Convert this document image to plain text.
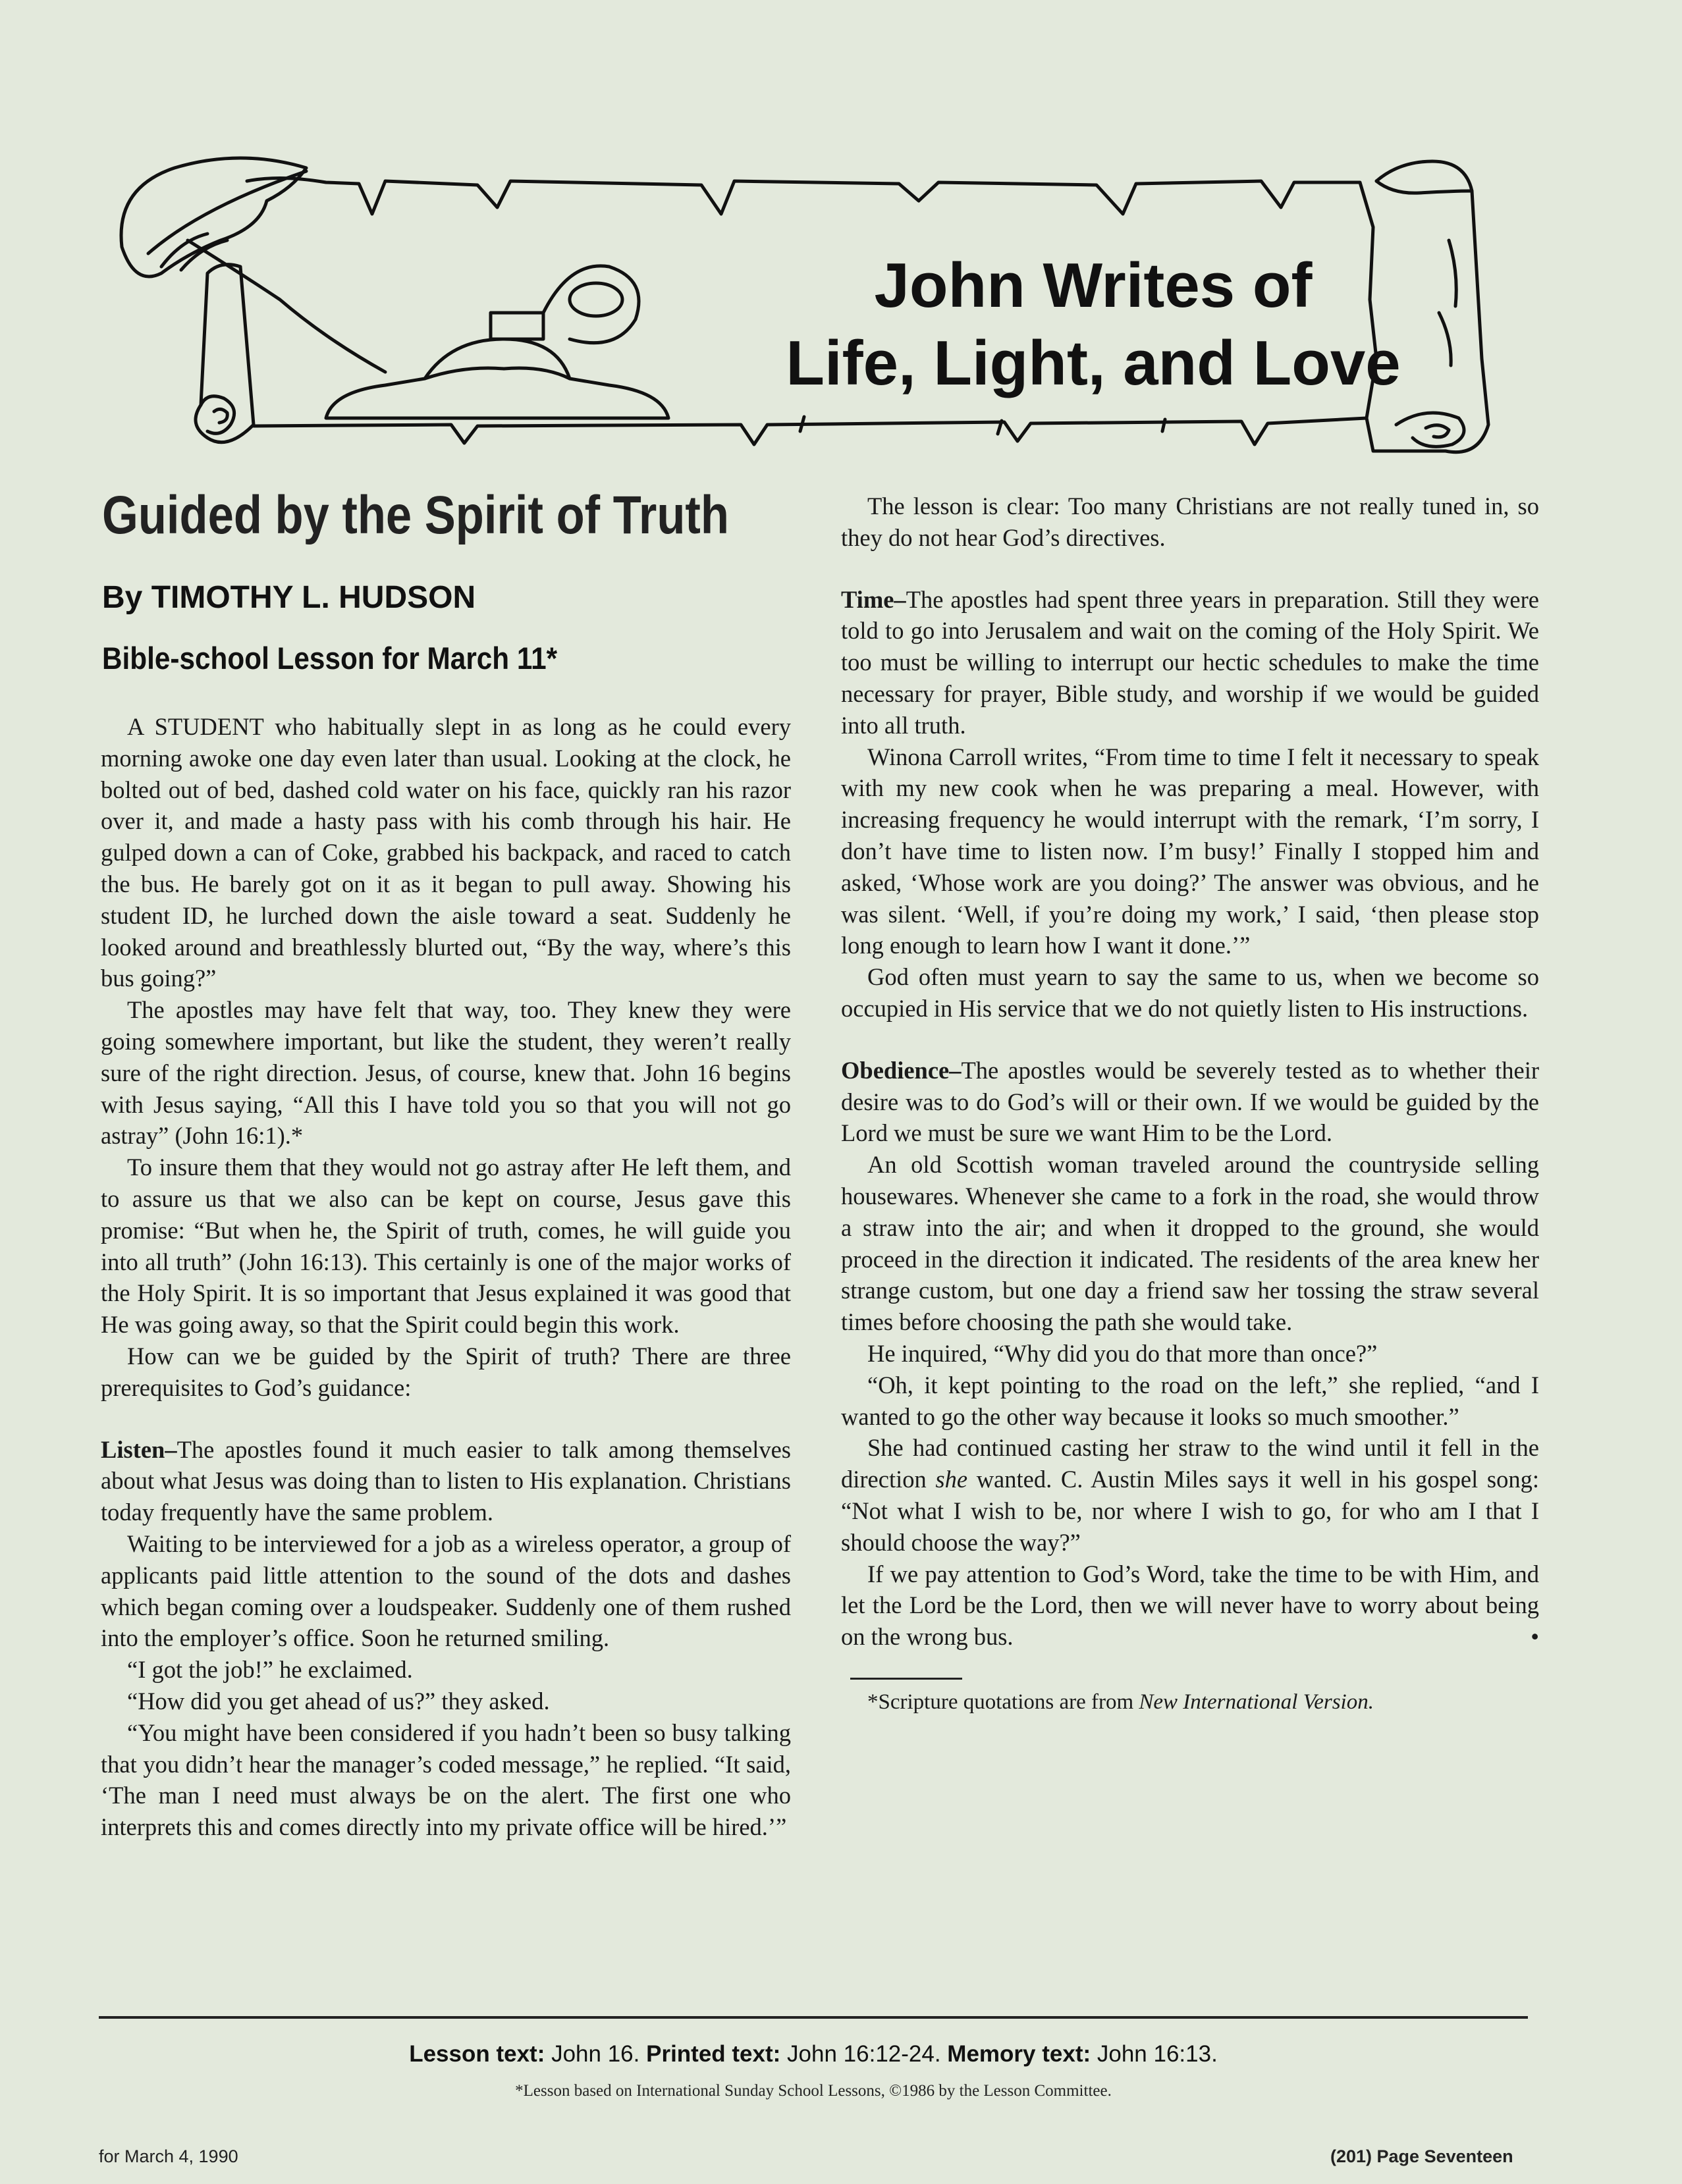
John Writes of
Life, Light, and Love
Guided by the Spirit of Truth
By TIMOTHY L. HUDSON
Bible-school Lesson for March 11*

A STUDENT who habitually slept in as long as he could every morning awoke one day even later than usual. Looking at the clock, he bolted out of bed, dashed cold water on his face, quickly ran his razor over it, and made a hasty pass with his comb through his hair. He gulped down a can of Coke, grabbed his backpack, and raced to catch the bus. He barely got on it as it began to pull away. Showing his student ID, he lurched down the aisle toward a seat. Suddenly he looked around and breathlessly blurted out, “By the way, where’s this bus going?”

The apostles may have felt that way, too. They knew they were going somewhere important, but like the student, they weren’t really sure of the right direction. Jesus, of course, knew that. John 16 begins with Jesus saying, “All this I have told you so that you will not go astray” (John 16:1).*

To insure them that they would not go astray after He left them, and to assure us that we also can be kept on course, Jesus gave this promise: “But when he, the Spirit of truth, comes, he will guide you into all truth” (John 16:13). This certainly is one of the major works of the Holy Spirit. It is so important that Jesus explained it was good that He was going away, so that the Spirit could begin this work.

How can we be guided by the Spirit of truth? There are three prerequisites to God’s guidance:

Listen–The apostles found it much easier to talk among themselves about what Jesus was doing than to listen to His explanation. Christians today frequently have the same problem.

Waiting to be interviewed for a job as a wireless operator, a group of applicants paid little attention to the sound of the dots and dashes which began coming over a loudspeaker. Suddenly one of them rushed into the employer’s office. Soon he returned smiling.

“I got the job!” he exclaimed.

“How did you get ahead of us?” they asked.

“You might have been considered if you hadn’t been so busy talking that you didn’t hear the manager’s coded message,” he replied. “It said, ‘The man I need must always be on the alert. The first one who interprets this and comes directly into my private office will be hired.’”

The lesson is clear: Too many Christians are not really tuned in, so they do not hear God’s directives.

Time–The apostles had spent three years in preparation. Still they were told to go into Jerusalem and wait on the coming of the Holy Spirit. We too must be willing to interrupt our hectic schedules to make the time necessary for prayer, Bible study, and worship if we would be guided into all truth.

Winona Carroll writes, “From time to time I felt it necessary to speak with my new cook when he was preparing a meal. However, with increasing frequency he would interrupt with the remark, ‘I’m sorry, I don’t have time to listen now. I’m busy!’ Finally I stopped him and asked, ‘Whose work are you doing?’ The answer was obvious, and he was silent. ‘Well, if you’re doing my work,’ I said, ‘then please stop long enough to learn how I want it done.’”

God often must yearn to say the same to us, when we become so occupied in His service that we do not quietly listen to His instructions.

Obedience–The apostles would be severely tested as to whether their desire was to do God’s will or their own. If we would be guided by the Lord we must be sure we want Him to be the Lord.

An old Scottish woman traveled around the countryside selling housewares. Whenever she came to a fork in the road, she would throw a straw into the air; and when it dropped to the ground, she would proceed in the direction it indicated. The residents of the area knew her strange custom, but one day a friend saw her tossing the straw several times before choosing the path she would take.

He inquired, “Why did you do that more than once?”

“Oh, it kept pointing to the road on the left,” she replied, “and I wanted to go the other way because it looks so much smoother.”

She had continued casting her straw to the wind until it fell in the direction she wanted. C. Austin Miles says it well in his gospel song: “Not what I wish to be, nor where I wish to go, for who am I that I should choose the way?”

If we pay attention to God’s Word, take the time to be with Him, and let the Lord be the Lord, then we will never have to worry about being on the wrong bus.	•

*Scripture quotations are from New International Version.

Lesson text: John 16. Printed text: John 16:12-24. Memory text: John 16:13.
*Lesson based on International Sunday School Lessons, ©1986 by the Lesson Committee.
for March 4, 1990	(201) Page Seventeen
